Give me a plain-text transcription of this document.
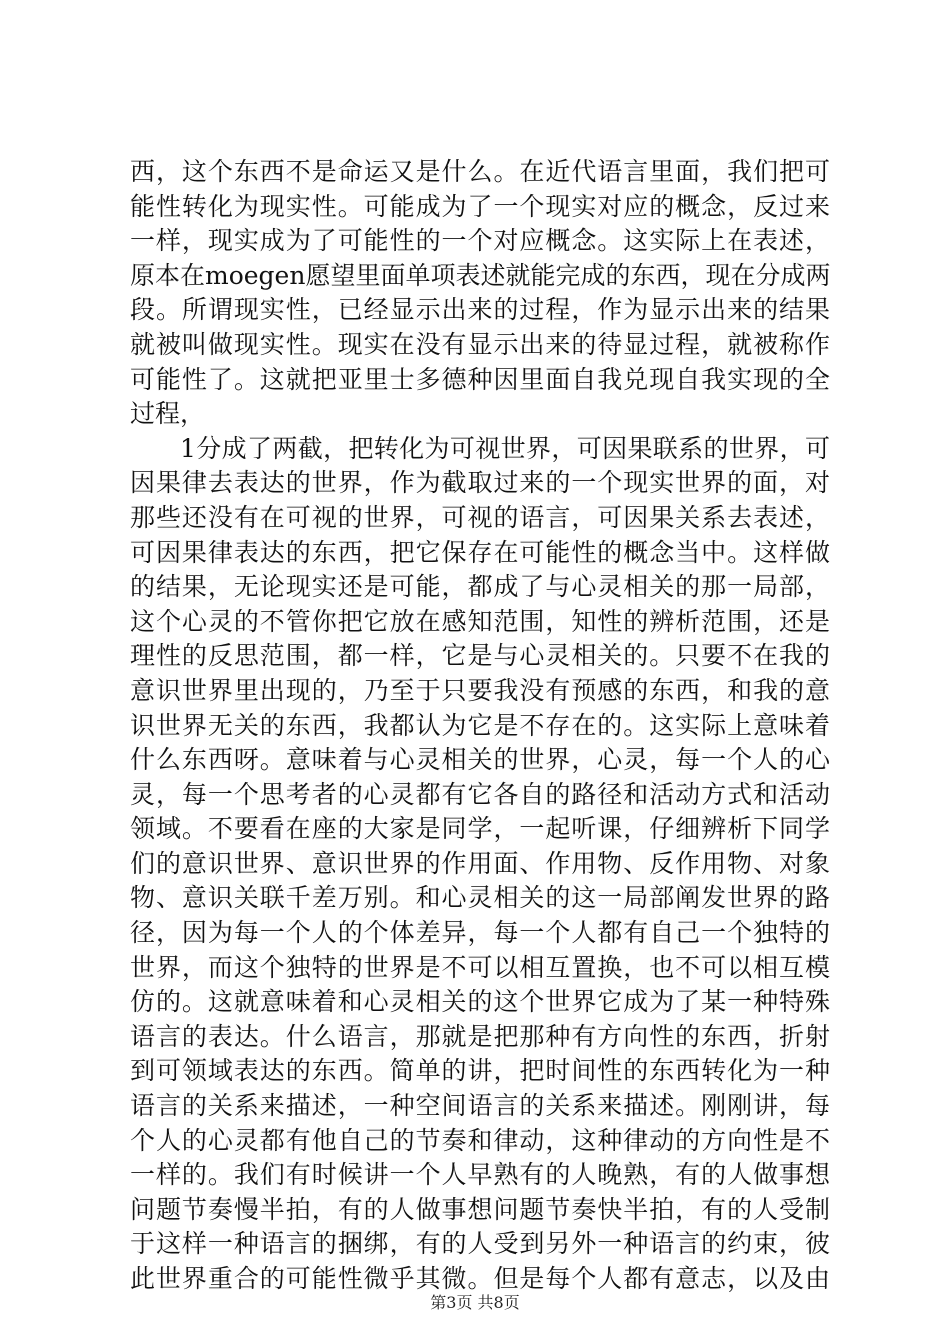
西，这个东西不是命运又是什么。在近代语言里面，我们把可
能性转化为现实性。可能成为了一个现实对应的概念，反过来
一样，现实成为了可能性的一个对应概念。这实际上在表述，
原本在moegen愿望里面单项表述就能完成的东西，现在分成两
段。所谓现实性，已经显示出来的过程，作为显示出来的结果
就被叫做现实性。现实在没有显示出来的待显过程，就被称作
可能性了。这就把亚里士多德种因里面自我兑现自我实现的全
过程，
1分成了两截，把转化为可视世界，可因果联系的世界，可
因果律去表达的世界，作为截取过来的一个现实世界的面，对
那些还没有在可视的世界，可视的语言，可因果关系去表述，
可因果律表达的东西，把它保存在可能性的概念当中。这样做
的结果，无论现实还是可能，都成了与心灵相关的那一局部，
这个心灵的不管你把它放在感知范围，知性的辨析范围，还是
理性的反思范围，都一样，它是与心灵相关的。只要不在我的
意识世界里出现的，乃至于只要我没有预感的东西，和我的意
识世界无关的东西，我都认为它是不存在的。这实际上意味着
什么东西呀。意味着与心灵相关的世界，心灵，每一个人的心
灵，每一个思考者的心灵都有它各自的路径和活动方式和活动
领域。不要看在座的大家是同学，一起听课，仔细辨析下同学
们的意识世界、意识世界的作用面、作用物、反作用物、对象
物、意识关联千差万别。和心灵相关的这一局部阐发世界的路
径，因为每一个人的个体差异，每一个人都有自己一个独特的
世界，而这个独特的世界是不可以相互置换，也不可以相互模
仿的。这就意味着和心灵相关的这个世界它成为了某一种特殊
语言的表达。什么语言，那就是把那种有方向性的东西，折射
到可领域表达的东西。简单的讲，把时间性的东西转化为一种
语言的关系来描述，一种空间语言的关系来描述。刚刚讲，每
个人的心灵都有他自己的节奏和律动，这种律动的方向性是不
一样的。我们有时候讲一个人早熟有的人晚熟，有的人做事想
问题节奏慢半拍，有的人做事想问题节奏快半拍，有的人受制
于这样一种语言的捆绑，有的人受到另外一种语言的约束，彼
此世界重合的可能性微乎其微。但是每个人都有意志，以及由
第3页 共8页
